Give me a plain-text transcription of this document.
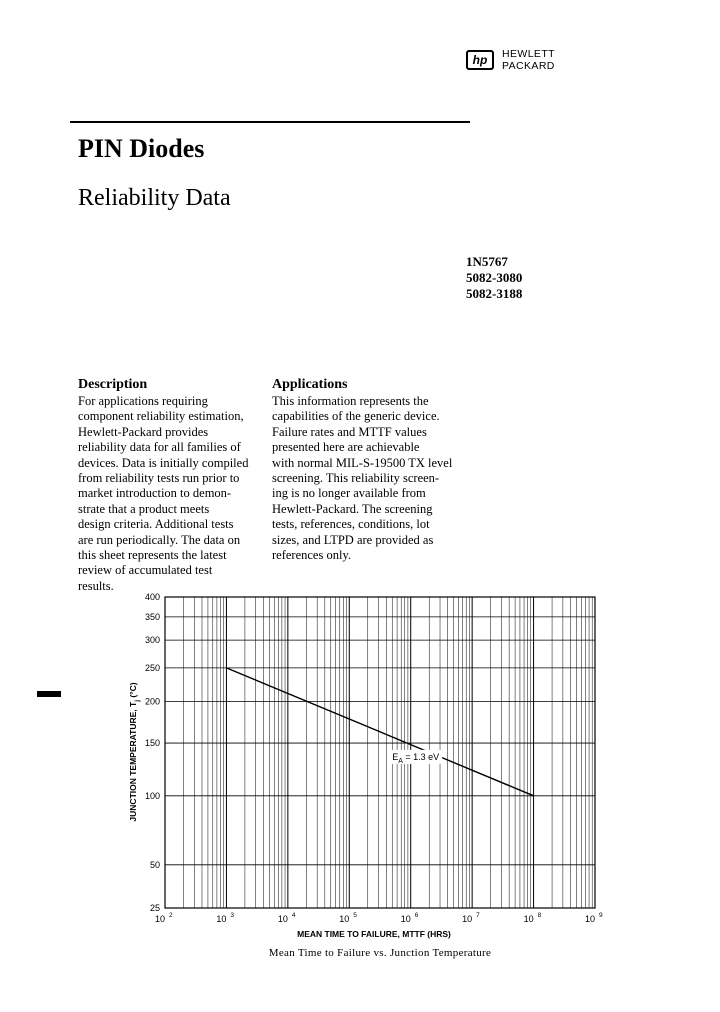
hp HEWLETT
PACKARD
PIN Diodes
Reliability Data
1N5767
5082-3080
5082-3188
Description
For applications requiring
component reliability estimation,
Hewlett-Packard provides
reliability data for all families of
devices. Data is initially compiled
from reliability tests run prior to
market introduction to demon-
strate that a product meets
design criteria. Additional tests
are run periodically. The data on
this sheet represents the latest
review of accumulated test
results.
Applications
This information represents the
capabilities of the generic device.
Failure rates and MTTF values
presented here are achievable
with normal MIL-S-19500 TX level
screening. This reliability screen-
ing is no longer available from
Hewlett-Packard. The screening
tests, references, conditions, lot
sizes, and LTPD are provided as
references only.
10 2	10 3	10 4	10 5	10 6	10 7	10 8	10 9
25
50
100
150
200
250
300
350
400
$E_A = 1.3$ eV
MEAN TIME TO FAILURE, MTTF (HRS)
JUNCTION TEMPERATURE, $T_j$ (°C)
Mean Time to Failure vs. Junction Temperature
